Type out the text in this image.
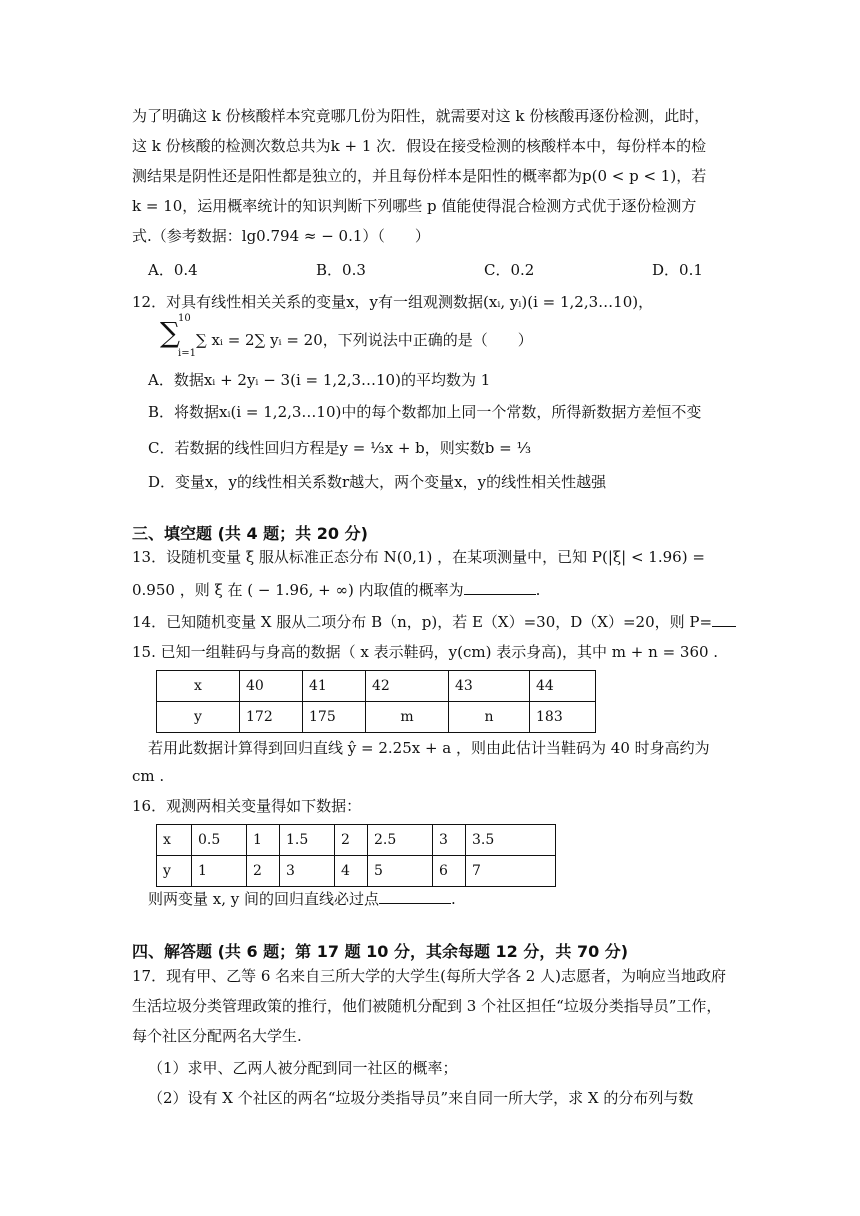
为了明确这 k 份核酸样本究竟哪几份为阳性，就需要对这 k 份核酸再逐份检测，此时，
这 k 份核酸的检测次数总共为k + 1 次．假设在接受检测的核酸样本中，每份样本的检
测结果是阴性还是阳性都是独立的，并且每份样本是阳性的概率都为p(0 < p < 1)，若
k = 10，运用概率统计的知识判断下列哪些 p 值能使得混合检测方式优于逐份检测方
式.（参考数据：lg0.794 ≈ − 0.1）（　　）
A．0.4	B．0.3	C．0.2	D．0.1
12．对具有线性相关关系的变量x，y有一组观测数据(xᵢ, yᵢ)(i = 1,2,3…10)，
∑
10
i=1
∑ xᵢ = 2∑ yᵢ = 20，下列说法中正确的是（　　）
A．数据xᵢ + 2yᵢ − 3(i = 1,2,3…10)的平均数为 1
B．将数据xᵢ(i = 1,2,3…10)中的每个数都加上同一个常数，所得新数据方差恒不变
C．若数据的线性回归方程是y = ⅓x + b，则实数b = ⅓
D．变量x，y的线性相关系数r越大，两个变量x，y的线性相关性越强
三、填空题 (共 4 题；共 20 分)
13．设随机变量 ξ 服从标准正态分布 N(0,1) ，在某项测量中，已知 P(|ξ| < 1.96) =
0.950 ，则 ξ 在 ( − 1.96, + ∞) 内取值的概率为	.
14．已知随机变量 X 服从二项分布 B（n，p)，若 E（X）=30，D（X）=20，则 P=
15. 已知一组鞋码与身高的数据（ x 表示鞋码，y(cm) 表示身高)，其中 m + n = 360 .
x	40	41	42	43	44
y	172	175	m	n	183
若用此数据计算得到回归直线 ŷ = 2.25x + a ，则由此估计当鞋码为 40 时身高约为
cm .
16．观测两相关变量得如下数据：
x	0.5	1	1.5	2	2.5	3	3.5
y	1	2	3	4	5	6	7
则两变量 x, y 间的回归直线必过点	.
四、解答题 (共 6 题；第 17 题 10 分，其余每题 12 分，共 70 分)
17．现有甲、乙等 6 名来自三所大学的大学生(每所大学各 2 人)志愿者，为响应当地政府
生活垃圾分类管理政策的推行，他们被随机分配到 3 个社区担任“垃圾分类指导员”工作，
每个社区分配两名大学生.
（1）求甲、乙两人被分配到同一社区的概率；
（2）设有 X 个社区的两名“垃圾分类指导员”来自同一所大学，求 X 的分布列与数
